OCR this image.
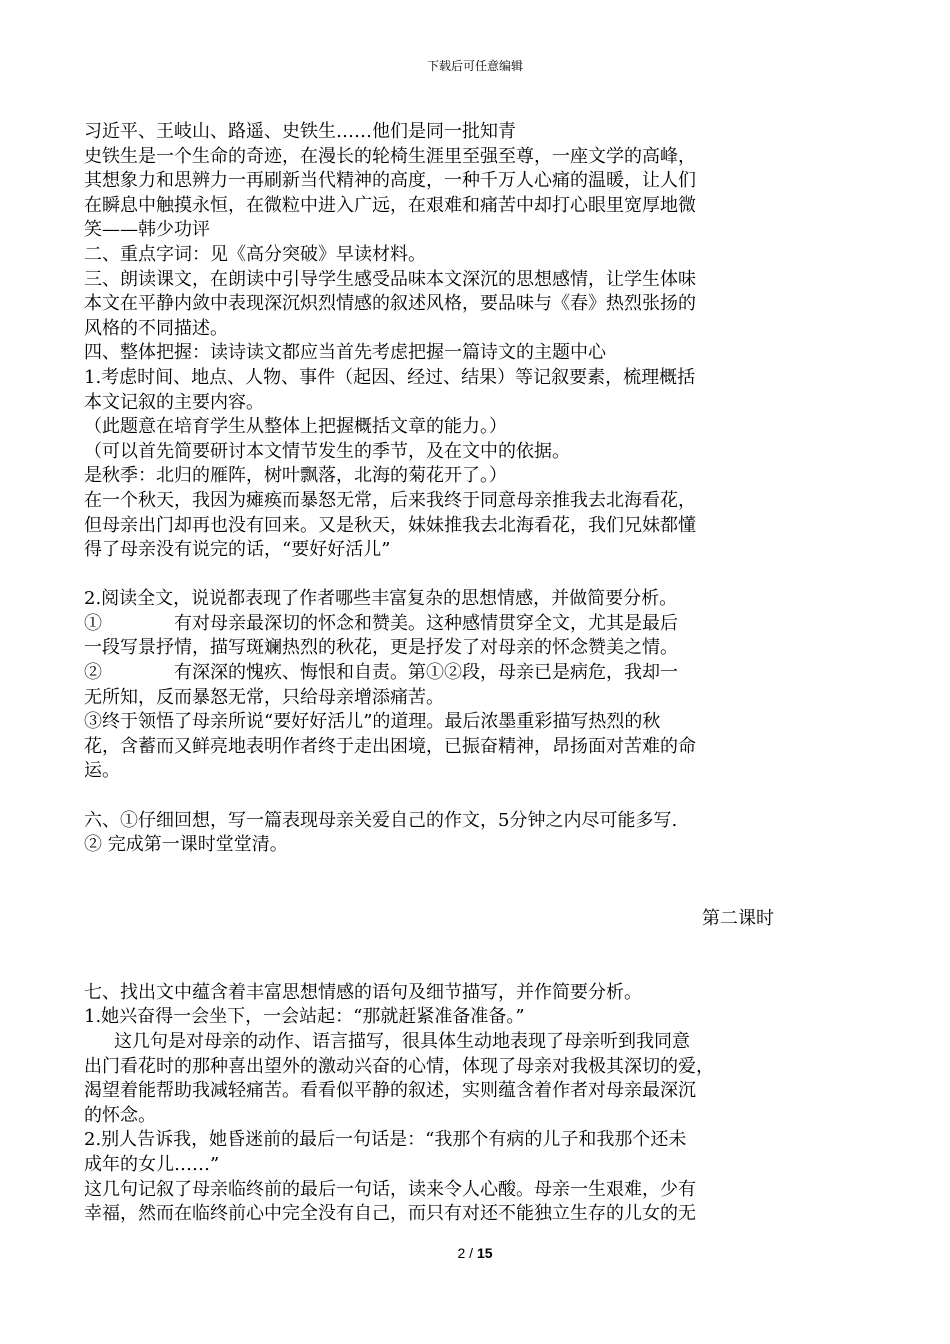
下载后可任意编辑

习近平、王岐山、路遥、史铁生……他们是同一批知青

史铁生是一个生命的奇迹，在漫长的轮椅生涯里至强至尊，一座文学的高峰，

其想象力和思辨力一再刷新当代精神的高度，一种千万人心痛的温暖，让人们

在瞬息中触摸永恒，在微粒中进入广远，在艰难和痛苦中却打心眼里宽厚地微

笑——韩少功评

二、重点字词：见《高分突破》早读材料。

三、朗读课文，在朗读中引导学生感受品味本文深沉的思想感情，让学生体味

本文在平静内敛中表现深沉炽烈情感的叙述风格，要品味与《春》热烈张扬的

风格的不同描述。

四、整体把握：读诗读文都应当首先考虑把握一篇诗文的主题中心

1.考虑时间、地点、人物、事件（起因、经过、结果）等记叙要素，梳理概括

本文记叙的主要内容。

（此题意在培育学生从整体上把握概括文章的能力。）

（可以首先简要研讨本文情节发生的季节，及在文中的依据。

是秋季：北归的雁阵，树叶飘落，北海的菊花开了。）

在一个秋天，我因为瘫痪而暴怒无常，后来我终于同意母亲推我去北海看花，

但母亲出门却再也没有回来。又是秋天，妹妹推我去北海看花，我们兄妹都懂

得了母亲没有说完的话，“要好好活儿”

2.阅读全文，说说都表现了作者哪些丰富复杂的思想情感，并做简要分析。

①　　　　有对母亲最深切的怀念和赞美。这种感情贯穿全文，尤其是最后

一段写景抒情，描写斑斓热烈的秋花，更是抒发了对母亲的怀念赞美之情。

②　　　　有深深的愧疚、悔恨和自责。第①②段，母亲已是病危，我却一

无所知，反而暴怒无常，只给母亲增添痛苦。

③终于领悟了母亲所说“要好好活儿”的道理。最后浓墨重彩描写热烈的秋

花，含蓄而又鲜亮地表明作者终于走出困境，已振奋精神，昂扬面对苦难的命

运。

六、①仔细回想，写一篇表现母亲关爱自己的作文，5分钟之内尽可能多写.

② 完成第一课时堂堂清。

第二课时

七、找出文中蕴含着丰富思想情感的语句及细节描写，并作简要分析。

1.她兴奋得一会坐下，一会站起：“那就赶紧准备准备。”

这几句是对母亲的动作、语言描写，很具体生动地表现了母亲听到我同意

出门看花时的那种喜出望外的激动兴奋的心情，体现了母亲对我极其深切的爱，

渴望着能帮助我减轻痛苦。看看似平静的叙述，实则蕴含着作者对母亲最深沉

的怀念。

2.别人告诉我，她昏迷前的最后一句话是：“我那个有病的儿子和我那个还未

成年的女儿……”

这几句记叙了母亲临终前的最后一句话，读来令人心酸。母亲一生艰难，少有

幸福，然而在临终前心中完全没有自己，而只有对还不能独立生存的儿女的无

2 / 15
